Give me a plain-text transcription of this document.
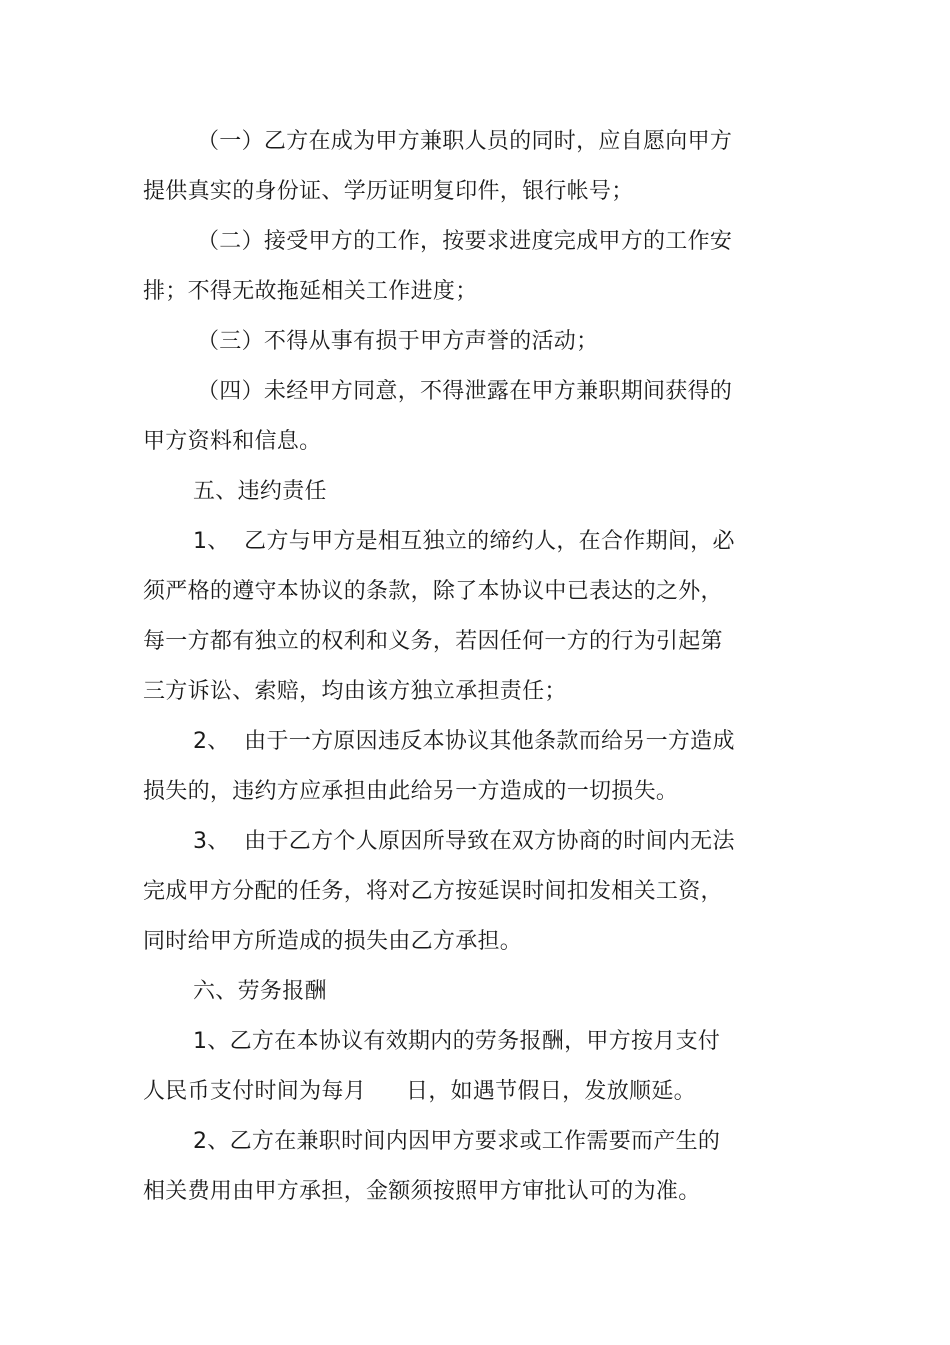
（一）乙方在成为甲方兼职人员的同时，应自愿向甲方
提供真实的身份证、学历证明复印件，银行帐号；
（二）接受甲方的工作，按要求进度完成甲方的工作安
排；不得无故拖延相关工作进度；
（三）不得从事有损于甲方声誉的活动；
（四）未经甲方同意，不得泄露在甲方兼职期间获得的
甲方资料和信息。
五、违约责任
1、  乙方与甲方是相互独立的缔约人，在合作期间，必
须严格的遵守本协议的条款，除了本协议中已表达的之外，
每一方都有独立的权利和义务，若因任何一方的行为引起第
三方诉讼、索赔，均由该方独立承担责任；
2、  由于一方原因违反本协议其他条款而给另一方造成
损失的，违约方应承担由此给另一方造成的一切损失。
3、  由于乙方个人原因所导致在双方协商的时间内无法
完成甲方分配的任务，将对乙方按延误时间扣发相关工资，
同时给甲方所造成的损失由乙方承担。
六、劳务报酬
1、乙方在本协议有效期内的劳务报酬，甲方按月支付
人民币支付时间为每月 日，如遇节假日，发放顺延。
2、乙方在兼职时间内因甲方要求或工作需要而产生的
相关费用由甲方承担，金额须按照甲方审批认可的为准。
